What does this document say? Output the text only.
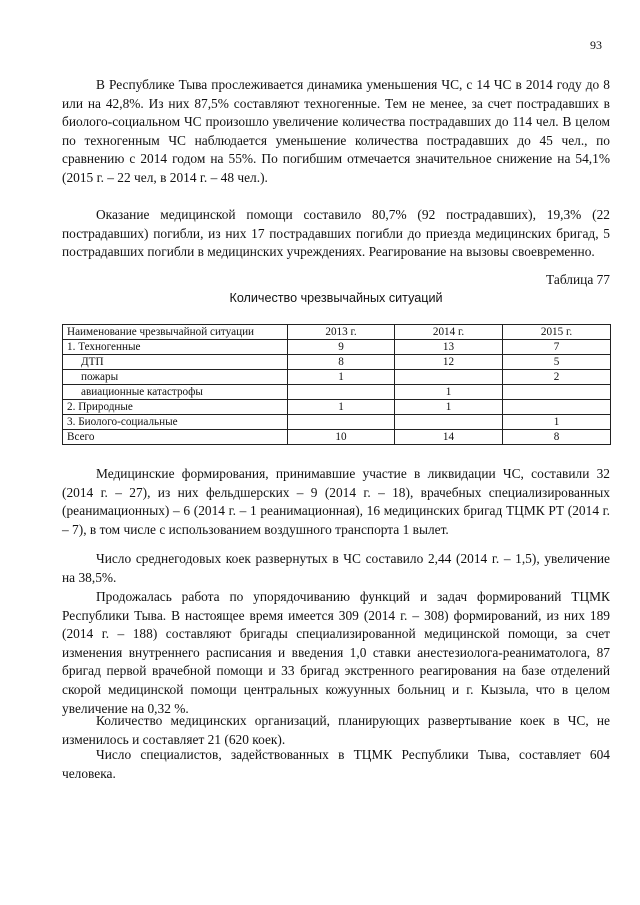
93

В Республике Тыва прослеживается динамика уменьшения ЧС, с 14 ЧС в 2014 году до 8 или на 42,8%. Из них 87,5% составляют техногенные. Тем не менее, за счет пострадавших в биолого-социальном ЧС произошло увеличение количества пострадавших до 114 чел. В целом по техногенным ЧС наблюдается уменьшение количества пострадавших до 45 чел., по сравнению с 2014 годом на 55%. По погибшим отмечается значительное снижение на 54,1% (2015 г. – 22 чел, в 2014 г. – 48 чел.).

Оказание медицинской помощи составило 80,7% (92 пострадавших), 19,3% (22 пострадавших) погибли, из них 17 пострадавших погибли до приезда медицинских бригад, 5 пострадавших погибли в медицинских учреждениях. Реагирование на вызовы своевременно.

Таблица 77

Количество чрезвычайных ситуаций

Наименование чрезвычайной ситуации	2013 г.	2014 г.	2015 г.
1. Техногенные	9	13	7
ДТП	8	12	5
пожары	1		2
авиационные катастрофы		1	
2. Природные	1	1	
3. Биолого-социальные			1
Всего	10	14	8

Медицинские формирования, принимавшие участие в ликвидации ЧС, составили 32 (2014 г. – 27), из них фельдшерских – 9 (2014 г. – 18), врачебных специализированных (реанимационных) – 6 (2014 г. – 1 реанимационная), 16 медицинских бригад ТЦМК РТ (2014 г. – 7), в том числе с использованием воздушного транспорта 1 вылет.

Число среднегодовых коек развернутых в ЧС составило 2,44 (2014 г. – 1,5), увеличение на 38,5%.

Продожалась работа по упорядочиванию функций и задач формирований ТЦМК Республики Тыва. В настоящее время имеется 309 (2014 г. – 308) формирований, из них 189 (2014 г. – 188) составляют бригады специализированной медицинской помощи, за счет изменения внутреннего расписания и введения 1,0 ставки анестезиолога-реаниматолога, 87 бригад первой врачебной помощи и 33 бригад экстренного реагирования на базе отделений скорой медицинской помощи центральных кожуунных больниц и г. Кызыла, что в целом увеличение на 0,32 %.

Количество медицинских организаций, планирующих развертывание коек в ЧС, не изменилось и составляет 21 (620 коек).

Число специалистов, задействованных в ТЦМК Республики Тыва, составляет 604 человека.
